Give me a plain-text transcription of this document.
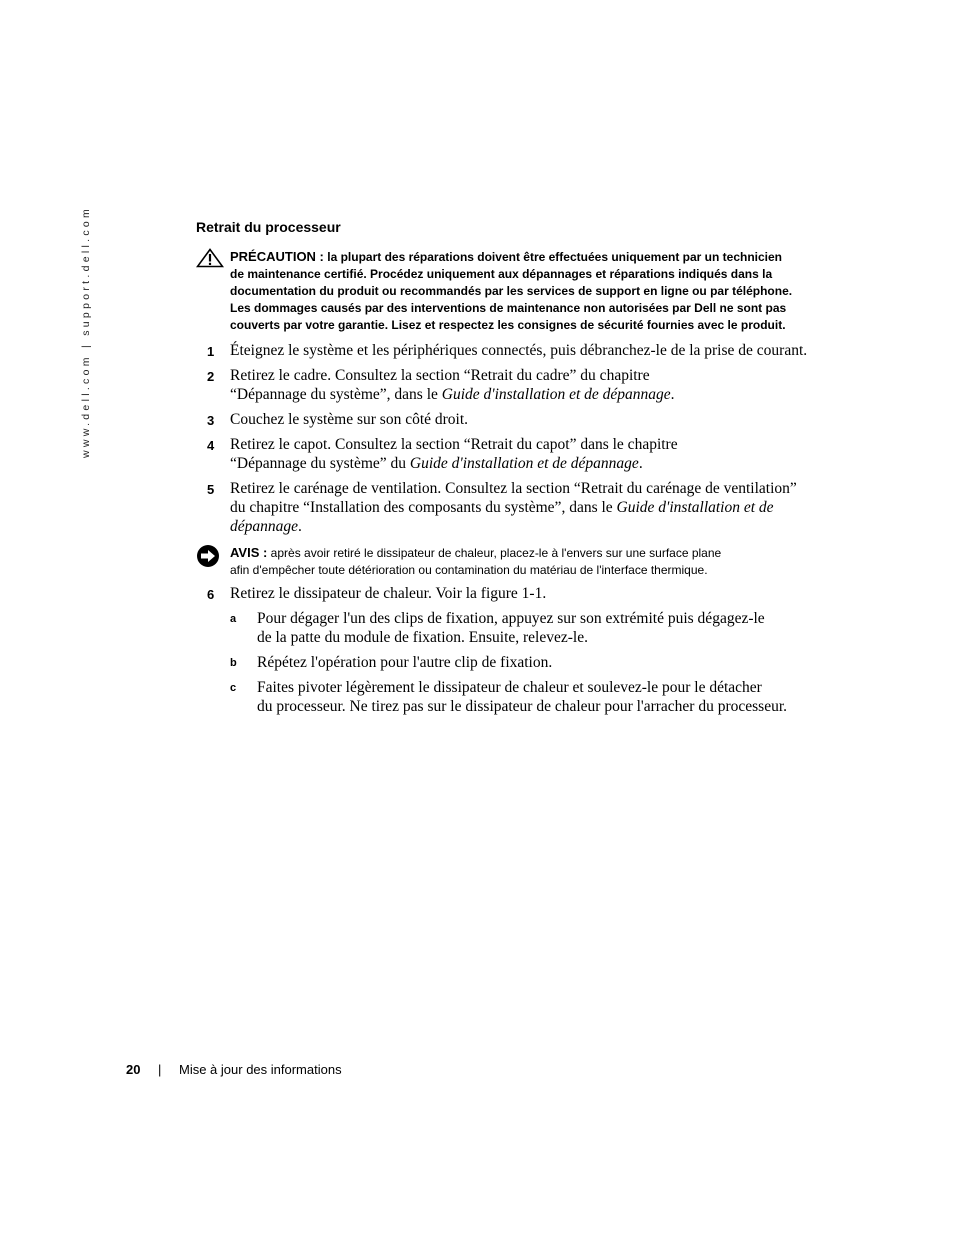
www.dell.com | support.dell.com	Retrait du processeur
PRÉCAUTION : la plupart des réparations doivent être effectuées uniquement par un technicien
de maintenance certifié. Procédez uniquement aux dépannages et réparations indiqués dans la
documentation du produit ou recommandés par les services de support en ligne ou par téléphone.
Les dommages causés par des interventions de maintenance non autorisées par Dell ne sont pas
couverts par votre garantie. Lisez et respectez les consignes de sécurité fournies avec le produit.
1 Éteignez le système et les périphériques connectés, puis débranchez-le de la prise de courant.
2 Retirez le cadre. Consultez la section “Retrait du cadre” du chapitre
“Dépannage du système”, dans le Guide d'installation et de dépannage.
3 Couchez le système sur son côté droit.
4 Retirez le capot. Consultez la section “Retrait du capot” dans le chapitre
“Dépannage du système” du Guide d'installation et de dépannage.
5 Retirez le carénage de ventilation. Consultez la section “Retrait du carénage de ventilation”
du chapitre “Installation des composants du système”, dans le Guide d'installation et de
dépannage.
AVIS : après avoir retiré le dissipateur de chaleur, placez-le à l'envers sur une surface plane
afin d'empêcher toute détérioration ou contamination du matériau de l'interface thermique.
6 Retirez le dissipateur de chaleur. Voir la figure 1-1.
a Pour dégager l'un des clips de fixation, appuyez sur son extrémité puis dégagez-le
de la patte du module de fixation. Ensuite, relevez-le.
b Répétez l'opération pour l'autre clip de fixation.
c Faites pivoter légèrement le dissipateur de chaleur et soulevez-le pour le détacher
du processeur. Ne tirez pas sur le dissipateur de chaleur pour l'arracher du processeur.
20 | Mise à jour des informations
